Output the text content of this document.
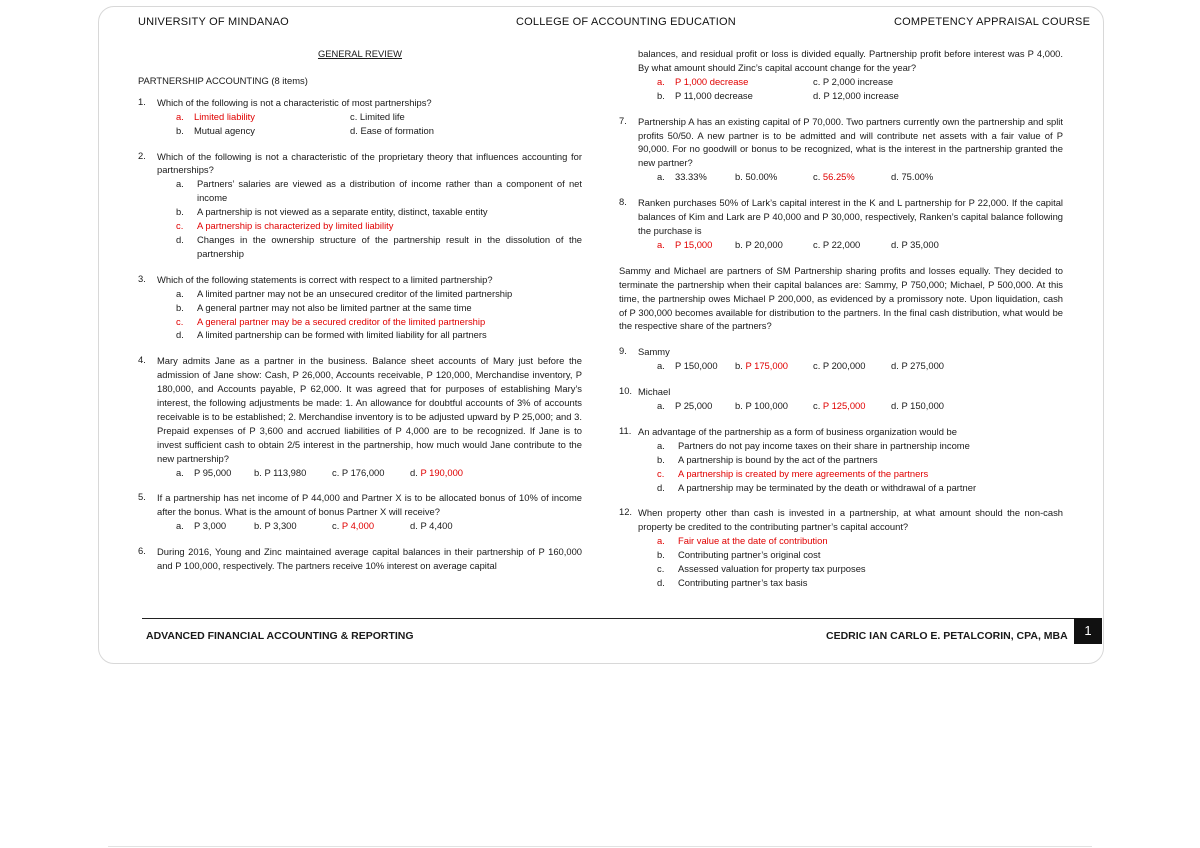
UNIVERSITY OF MINDANAO	COLLEGE OF ACCOUNTING EDUCATION	COMPETENCY APPRAISAL COURSE
GENERAL REVIEW
PARTNERSHIP ACCOUNTING (8 items)
1.	Which of the following is not a characteristic of most partnerships?
a.	Limited liability	c.
Limited life
b.	Mutual agency	d.
Ease of formation
2.	Which of the following is not a characteristic of the proprietary theory that influences accounting for partnerships?
a. Partners’ salaries are viewed as a distribution of income rather than a component of net income
b. A partnership is not viewed as a separate entity, distinct, taxable entity
c. A partnership is characterized by limited liability
d. Changes in the ownership structure of the partnership result in the dissolution of the partnership
3.	Which of the following statements is correct with respect to a limited partnership?
a. A limited partner may not be an unsecured creditor of the limited partnership
b. A general partner may not also be limited partner at the same time
c. A general partner may be a secured creditor of the limited partnership
d. A limited partnership can be formed with limited liability for all partners
4.	Mary admits Jane as a partner in the business. Balance sheet accounts of Mary just before the admission of Jane show: Cash, P 26,000, Accounts receivable, P 120,000, Merchandise inventory, P 180,000, and Accounts payable, P 62,000. It was agreed that for purposes of establishing Mary’s interest, the following adjustments be made: 1. An allowance for doubtful accounts of 3% of accounts receivable is to be established; 2. Merchandise inventory is to be adjusted upward by P 25,000; and 3. Prepaid expenses of P 3,600 and accrued liabilities of P 4,000 are to be recognized. If Jane is to invest sufficient cash to obtain 2/5 interest in the partnership, how much would Jane contribute to the new partnership?
a.	P 95,000 b.
P 113,980	c.
P 176,000	d.
P 190,000
5.	If a partnership has net income of P 44,000 and Partner X is to be allocated bonus of 10% of income after the bonus. What is the amount of bonus Partner X will receive?
a.	P 3,000	b.
P 3,300	c.
P 4,000	d.
P 4,400
6.	During 2016, Young and Zinc maintained average capital balances in their partnership of P 160,000 and P 100,000, respectively. The partners receive 10% interest on average capital
balances, and residual profit or loss is divided equally. Partnership profit before interest was P 4,000. By what amount should Zinc’s capital account change for the year?
a.	P 1,000 decrease	c.
P 2,000 increase
b.	P 11,000 decrease	d.
P 12,000 increase
7.	Partnership A has an existing capital of P 70,000. Two partners currently own the partnership and split profits 50/50. A new partner is to be admitted and will contribute net assets with a fair value of P 90,000. For no goodwill or bonus to be recognized, what is the interest in the partnership granted the new partner?
a.	33.33%	b.
50.00%	c.
56.25%	d.
75.00%
8.	Ranken purchases 50% of Lark’s capital interest in the K and L partnership for P 22,000. If the capital balances of Kim and Lark are P 40,000 and P 30,000, respectively, Ranken’s capital balance following the purchase is
a.	P 15,000 b.
P 20,000	c.
P 22,000	d.
P 35,000
Sammy and Michael are partners of SM Partnership sharing profits and losses equally. They decided to terminate the partnership when their capital balances are: Sammy, P 750,000; Michael, P 500,000. At this time, the partnership owes Michael P 200,000, as evidenced by a promissory note. Upon liquidation, cash of P 300,000 becomes available for distribution to the partners. In the final cash distribution, what would be the respective share of the partners?
9.	Sammy
a.	P 150,000 b.
P 175,000	c.
P 200,000	d.
P 275,000
10. Michael
a.	P 25,000 b.
P 100,000	c.
P 125,000	d.
P 150,000
11. An advantage of the partnership as a form of business organization would be
a. Partners do not pay income taxes on their share in partnership income
b. A partnership is bound by the act of the partners
c. A partnership is created by mere agreements of the partners
d. A partnership may be terminated by the death or withdrawal of a partner
12. When property other than cash is invested in a partnership, at what amount should the non-cash property be credited to the contributing partner’s capital account?
a. Fair value at the date of contribution
b. Contributing partner’s original cost
c. Assessed valuation for property tax purposes
d. Contributing partner’s tax basis
ADVANCED FINANCIAL ACCOUNTING & REPORTING	CEDRIC IAN CARLO E. PETALCORIN, CPA, MBA	1
